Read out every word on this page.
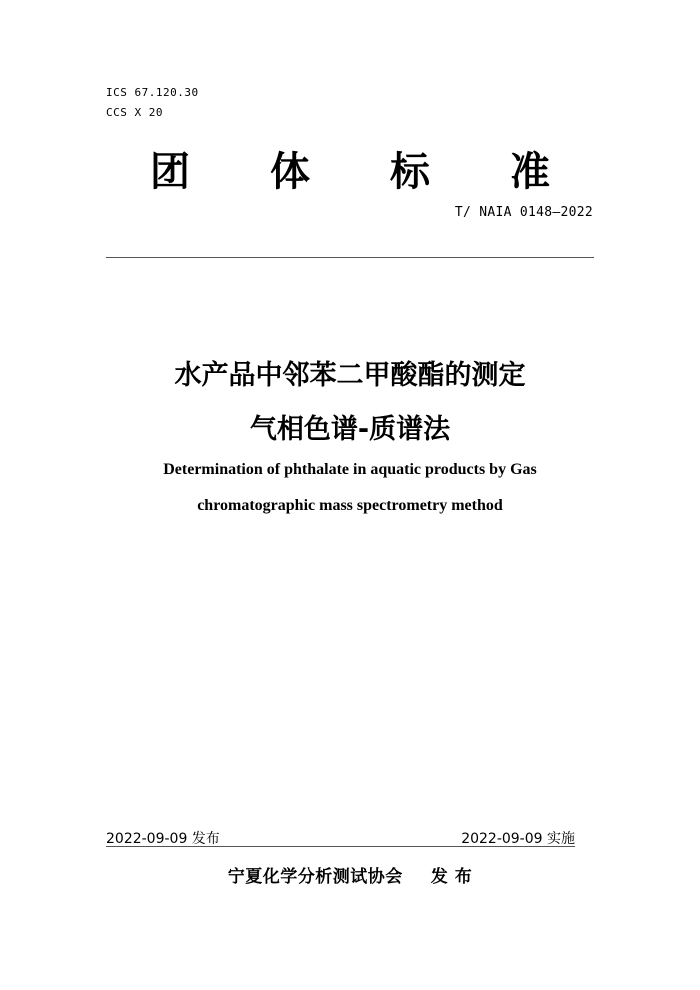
ICS 67.120.30
CCS X 20
团 体 标 准
T/ NAIA 0148—2022
水产品中邻苯二甲酸酯的测定
气相色谱-质谱法
Determination of phthalate in aquatic products by Gas
chromatographic mass spectrometry method
2022-09-09 发布	2022-09-09 实施
宁夏化学分析测试协会 发 布
